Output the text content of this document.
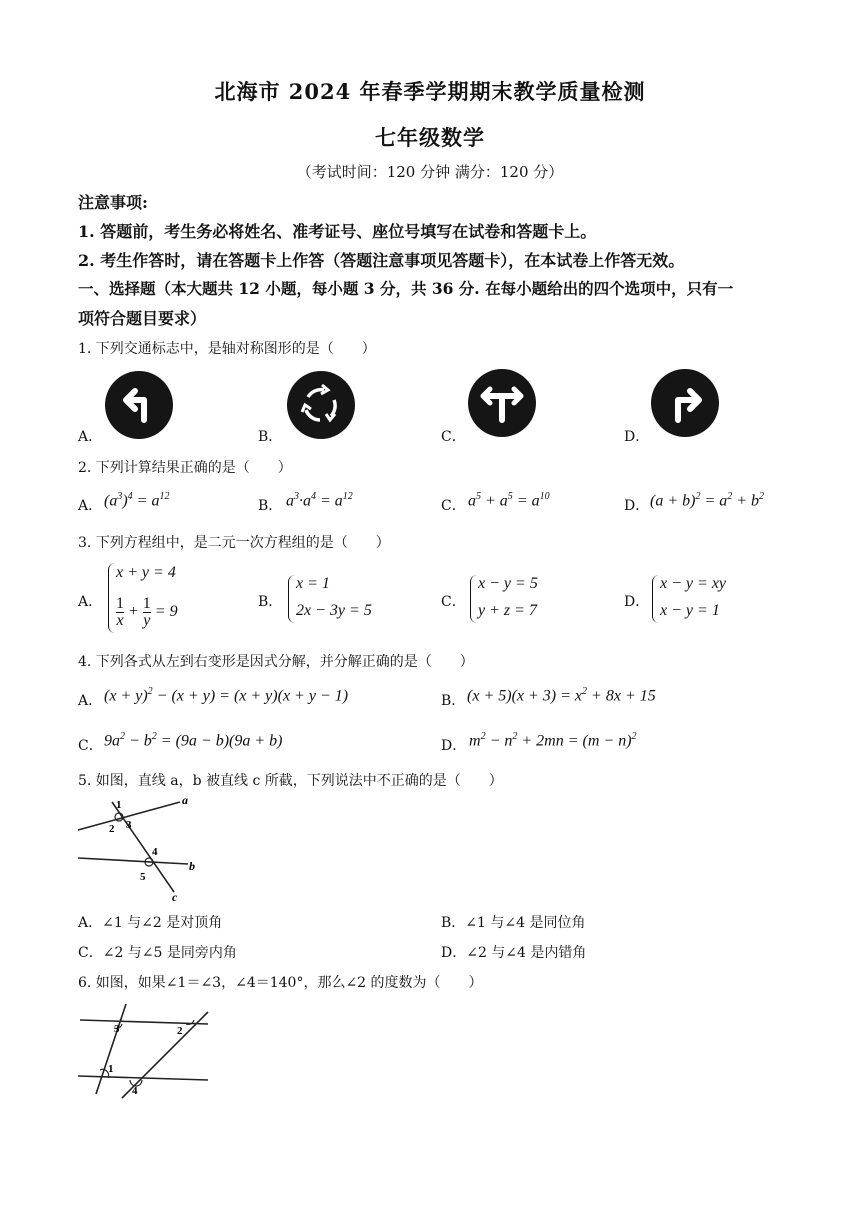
北海市 2024 年春季学期期末教学质量检测
七年级数学
（考试时间：120 分钟 满分：120 分）
注意事项:
1. 答题前，考生务必将姓名、准考证号、座位号填写在试卷和答题卡上。
2. 考生作答时，请在答题卡上作答（答题注意事项见答题卡），在本试卷上作答无效。
一、选择题（本大题共 12 小题，每小题 3 分，共 36 分. 在每小题给出的四个选项中，只有一
项符合题目要求）
1. 下列交通标志中，是轴对称图形的是（　　）
A．	B．	C．	D．
2. 下列计算结果正确的是（　　）
A． $(a^3)^4 = a^{12}$
B． $a^3\cdot a^4 = a^{12}$
C． $a^5 + a^5 = a^{10}$
D． $(a + b)^2 = a^2 + b^2$
3. 下列方程组中，是二元一次方程组的是（　　）
A．
x + y = 4
$\frac{1}{x} + \frac{1}{y} = 9$
B．
x = 1
2x − 3y = 5	C．
x − y = 5
y + z = 7	D．
x − y = xy
x − y = 1
4. 下列各式从左到右变形是因式分解，并分解正确的是（　　）
A． $(x + y)^2 - (x + y) = (x + y)(x + y - 1)$	B． $(x + 5)(x + 3) = x^2 + 8x + 15$
C． $9a^2 - b^2 = (9a - b)(9a + b)$	D． $m^2 - n^2 + 2mn = (m - n)^2$
5. 如图，直线 a，b 被直线 c 所截，下列说法中不正确的是（　　）
1
2 3
4
5
a
b
c
A．∠1 与∠2 是对顶角	B．∠1 与∠4 是同位角
C．∠2 与∠5 是同旁内角	D．∠2 与∠4 是内错角
6. 如图，如果∠1＝∠3，∠4＝140°，那么∠2 的度数为（　　）
3	2
1
4
